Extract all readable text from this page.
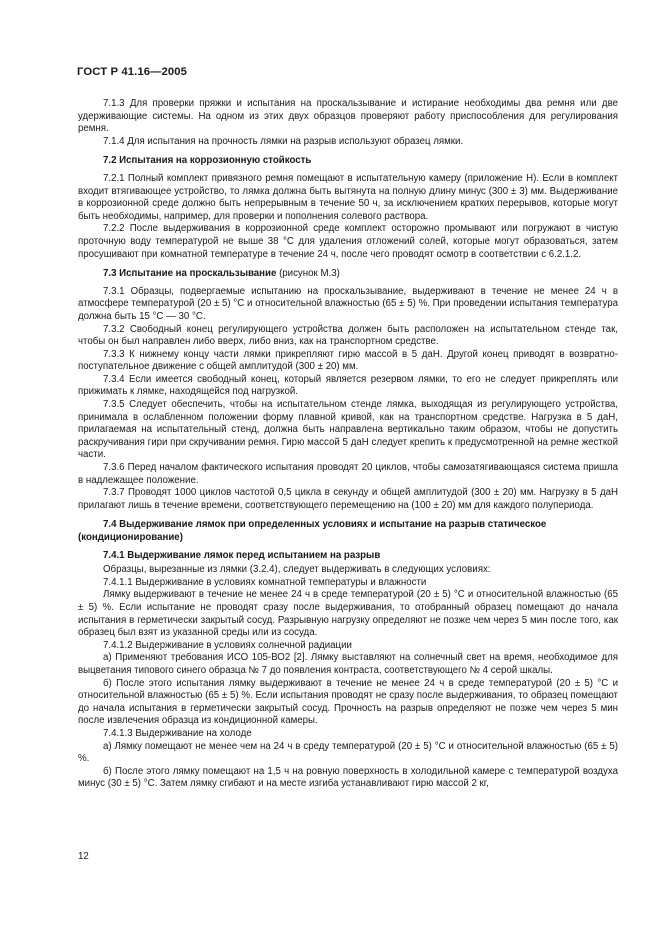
ГОСТ Р 41.16—2005
7.1.3 Для проверки пряжки и испытания на проскальзывание и истирание необходимы два ремня или две удерживающие системы. На одном из этих двух образцов проверяют работу приспособления для регулирования ремня.
7.1.4 Для испытания на прочность лямки на разрыв используют образец лямки.
7.2 Испытания на коррозионную стойкость
7.2.1 Полный комплект привязного ремня помещают в испытательную камеру (приложение Н). Если в комплект входит втягивающее устройство, то лямка должна быть вытянута на полную длину минус (300 ± 3) мм. Выдерживание в коррозионной среде должно быть непрерывным в течение 50 ч, за исключением кратких перерывов, которые могут быть необходимы, например, для проверки и пополнения солевого раствора.
7.2.2 После выдерживания в коррозионной среде комплект осторожно промывают или погружают в чистую проточную воду температурой не выше 38 °С для удаления отложений солей, которые могут образоваться, затем просушивают при комнатной температуре в течение 24 ч, после чего проводят осмотр в соответствии с 6.2.1.2.
7.3 Испытание на проскальзывание (рисунок М.3)
7.3.1 Образцы, подвергаемые испытанию на проскальзывание, выдерживают в течение не менее 24 ч в атмосфере температурой (20 ± 5) °С и относительной влажностью (65 ± 5) %. При проведении испытания температура должна быть 15 °С — 30 °С.
7.3.2 Свободный конец регулирующего устройства должен быть расположен на испытательном стенде так, чтобы он был направлен либо вверх, либо вниз, как на транспортном средстве.
7.3.3 К нижнему концу части лямки прикрепляют гирю массой в 5 даН. Другой конец приводят в возвратно-поступательное движение с общей амплитудой (300 ± 20) мм.
7.3.4 Если имеется свободный конец, который является резервом лямки, то его не следует прикреплять или прижимать к лямке, находящейся под нагрузкой.
7.3.5 Следует обеспечить, чтобы на испытательном стенде лямка, выходящая из регулирующего устройства, принимала в ослабленном положении форму плавной кривой, как на транспортном средстве. Нагрузка в 5 даН, прилагаемая на испытательный стенд, должна быть направлена вертикально таким образом, чтобы не допустить раскручивания гири при скручивании ремня. Гирю массой 5 даН следует крепить к предусмотренной на ремне жесткой части.
7.3.6 Перед началом фактического испытания проводят 20 циклов, чтобы самозатягивающаяся система пришла в надлежащее положение.
7.3.7 Проводят 1000 циклов частотой 0,5 цикла в секунду и общей амплитудой (300 ± 20) мм. Нагрузку в 5 даН прилагают лишь в течение времени, соответствующего перемещению на (100 ± 20) мм для каждого полупериода.
7.4 Выдерживание лямок при определенных условиях и испытание на разрыв статическое (кондиционирование)
7.4.1 Выдерживание лямок перед испытанием на разрыв
Образцы, вырезанные из лямки (3.2.4), следует выдерживать в следующих условиях:
7.4.1.1 Выдерживание в условиях комнатной температуры и влажности
Лямку выдерживают в течение не менее 24 ч в среде температурой (20 ± 5) °С и относительной влажностью (65 ± 5) %. Если испытание не проводят сразу после выдерживания, то отобранный образец помещают до начала испытания в герметически закрытый сосуд. Разрывную нагрузку определяют не позже чем через 5 мин после того, как образец был взят из указанной среды или из сосуда.
7.4.1.2 Выдерживание в условиях солнечной радиации
а) Применяют требования ИСО 105-ВО2 [2]. Лямку выставляют на солнечный свет на время, необходимое для выцветания типового синего образца № 7 до появления контраста, соответствующего № 4 серой шкалы.
б) После этого испытания лямку выдерживают в течение не менее 24 ч в среде температурой (20 ± 5) °С и относительной влажностью (65 ± 5) %. Если испытания проводят не сразу после выдерживания, то образец помещают до начала испытания в герметически закрытый сосуд. Прочность на разрыв определяют не позже чем через 5 мин после извлечения образца из кондиционной камеры.
7.4.1.3 Выдерживание на холоде
а) Лямку помещают не менее чем на 24 ч в среду температурой (20 ± 5) °С и относительной влажностью (65 ± 5) %.
б) После этого лямку помещают на 1,5 ч на ровную поверхность в холодильной камере с температурой воздуха минус (30 ± 5) °С. Затем лямку сгибают и на месте изгиба устанавливают гирю массой 2 кг,
12
